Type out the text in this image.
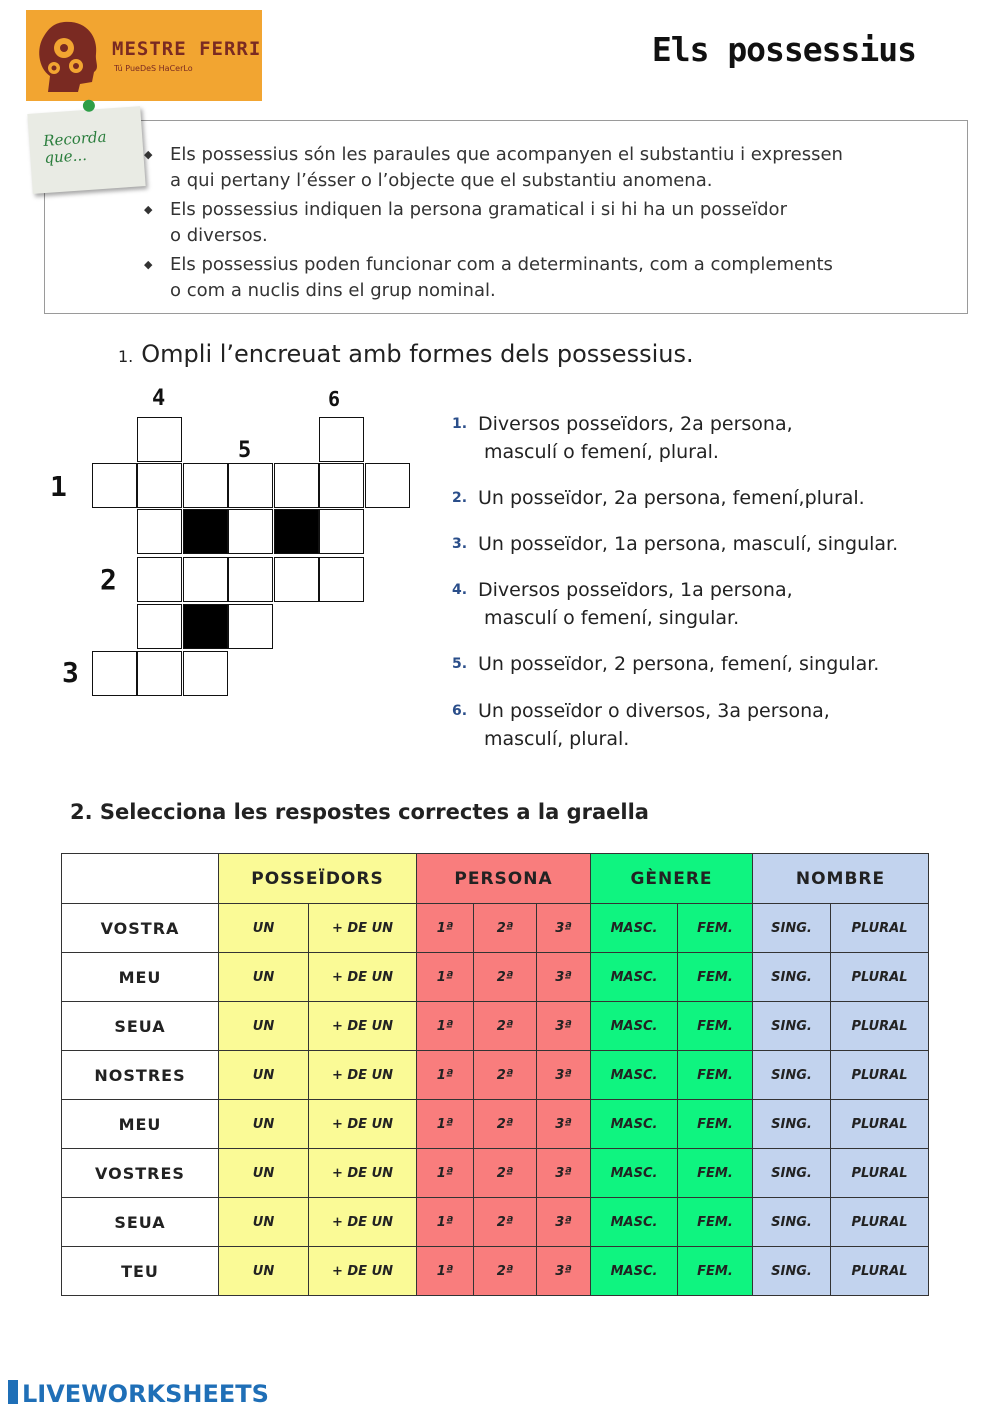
MESTRE FERRI
Tú PueDeS HaCerLo	Els possessius
Recorda que...	◆ Els possessius són les paraules que acompanyen el substantiu i expressen
a qui pertany l’ésser o l’objecte que el substantiu anomena.
◆ Els possessius indiquen la persona gramatical i si hi ha un posseïdor
o diversos.
◆ Els possessius poden funcionar com a determinants, com a complements
o com a nuclis dins el grup nominal.
1. Ompli l’encreuat amb formes dels possessius.
4	6
5
1
2
3
1. Diversos posseïdors, 2a persona,
masculí o femení, plural.
2. Un posseïdor, 2a persona, femení,plural.
3. Un posseïdor, 1a persona, masculí, singular.
4. Diversos posseïdors, 1a persona,
masculí o femení, singular.
5. Un posseïdor, 2 persona, femení, singular.
6. Un posseïdor o diversos, 3a persona,
masculí, plural.
2. Selecciona les respostes correctes a la graella
	POSSEÏDORS		PERSONA			GÈNERE		NOMBRE	
VOSTRA	UN	+ DE UN	1ª	2ª	3ª	MASC.	FEM.	SING.	PLURAL
MEU	UN	+ DE UN	1ª	2ª	3ª	MASC.	FEM.	SING.	PLURAL
SEUA	UN	+ DE UN	1ª	2ª	3ª	MASC.	FEM.	SING.	PLURAL
NOSTRES	UN	+ DE UN	1ª	2ª	3ª	MASC.	FEM.	SING.	PLURAL
MEU	UN	+ DE UN	1ª	2ª	3ª	MASC.	FEM.	SING.	PLURAL
VOSTRES	UN	+ DE UN	1ª	2ª	3ª	MASC.	FEM.	SING.	PLURAL
SEUA	UN	+ DE UN	1ª	2ª	3ª	MASC.	FEM.	SING.	PLURAL
TEU	UN	+ DE UN	1ª	2ª	3ª	MASC.	FEM.	SING.	PLURAL
LIVEWORKSHEETS
